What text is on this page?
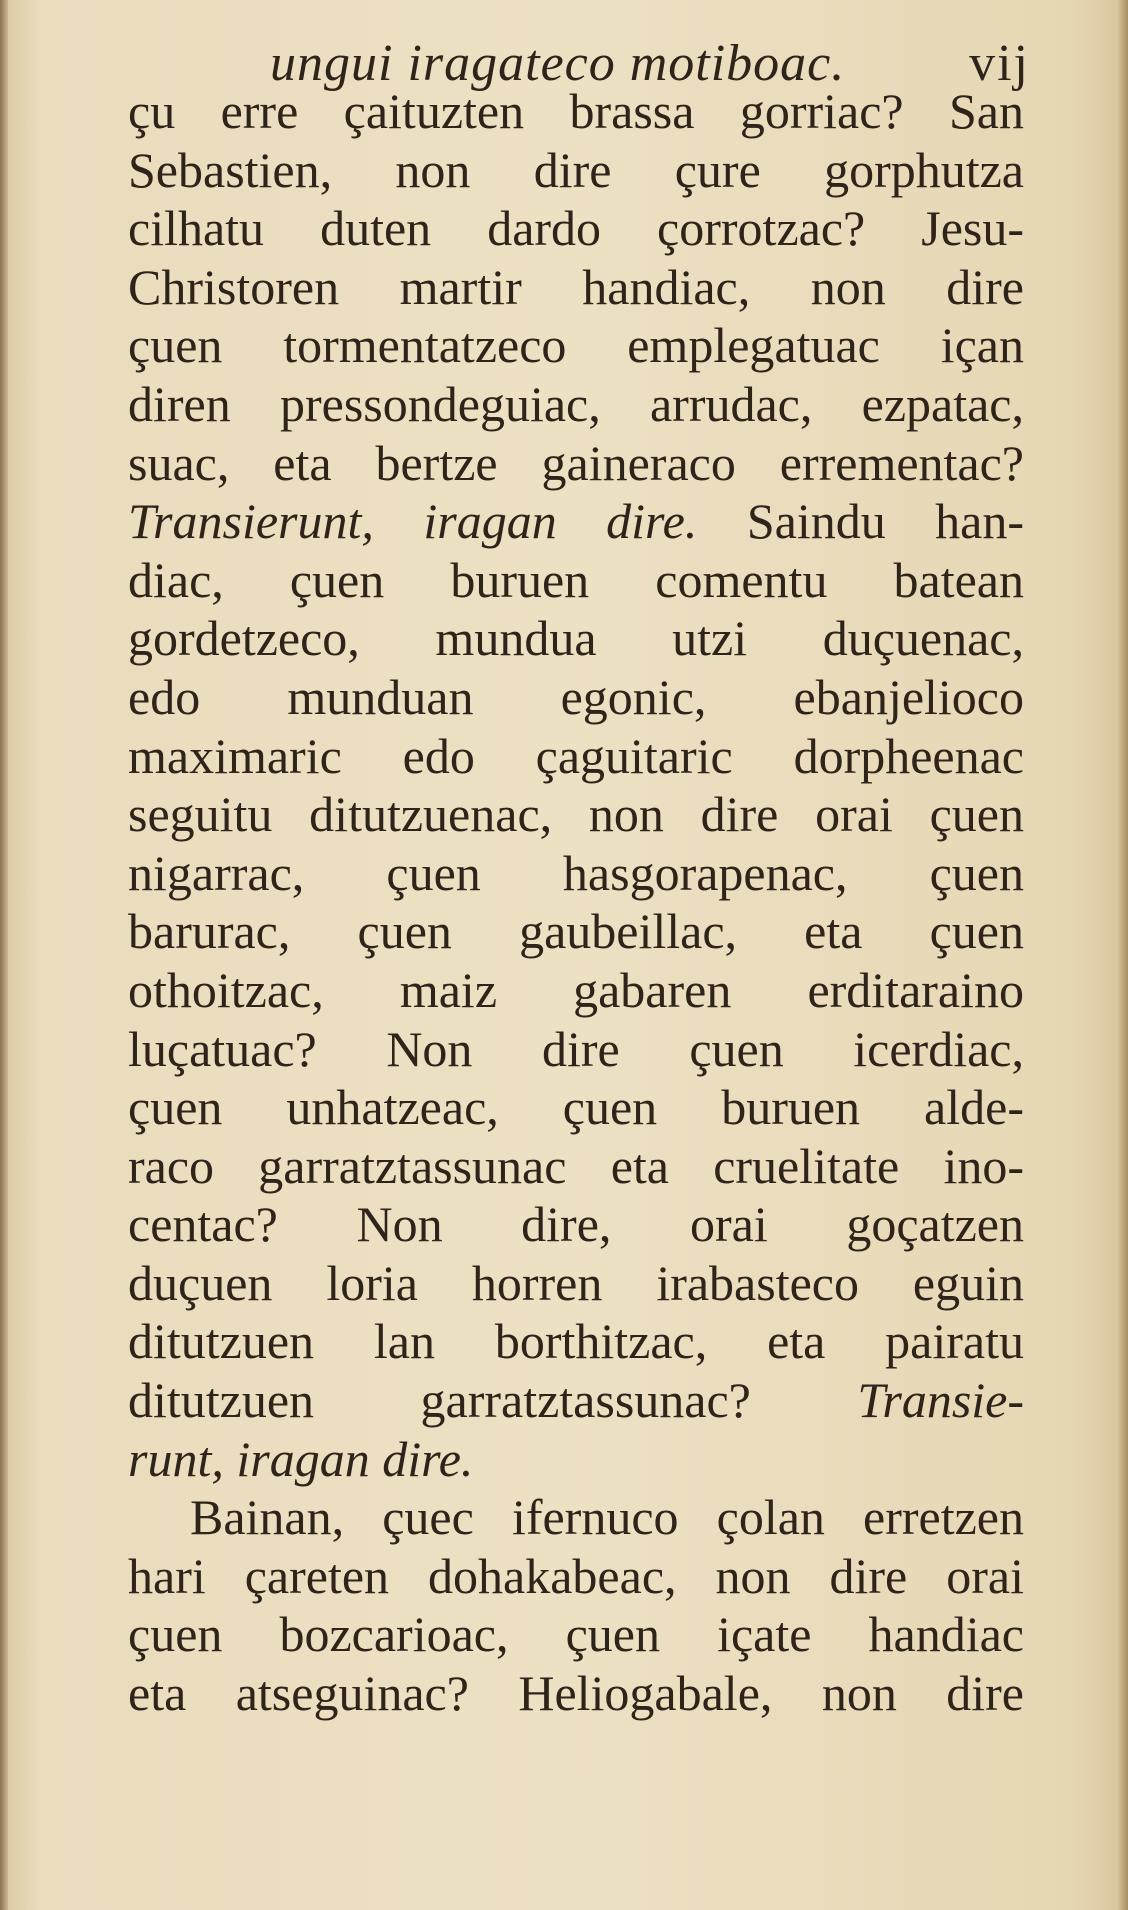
ungui iragateco motiboac. vij
çu erre çaituzten brassa gorriac? San
Sebastien, non dire çure gorphutza
cilhatu duten dardo çorrotzac? Jesu-
Christoren martir handiac, non dire
çuen tormentatzeco emplegatuac içan
diren pressondeguiac, arrudac, ezpatac,
suac, eta bertze gaineraco errementac?
Transierunt, iragan dire. Saindu han-
diac, çuen buruen comentu batean
gordetzeco, mundua utzi duçuenac,
edo munduan egonic, ebanjelioco
maximaric edo çaguitaric dorpheenac
seguitu ditutzuenac, non dire orai çuen
nigarrac, çuen hasgorapenac, çuen
barurac, çuen gaubeillac, eta çuen
othoitzac, maiz gabaren erditaraino
luçatuac? Non dire çuen icerdiac,
çuen unhatzeac, çuen buruen alde-
raco garratztassunac eta cruelitate ino-
centac? Non dire, orai goçatzen
duçuen loria horren irabasteco eguin
ditutzuen lan borthitzac, eta pairatu
ditutzuen garratztassunac? Transie-
runt, iragan dire.
Bainan, çuec ifernuco çolan erretzen
hari çareten dohakabeac, non dire orai
çuen bozcarioac, çuen içate handiac
eta atseguinac? Heliogabale, non dire
